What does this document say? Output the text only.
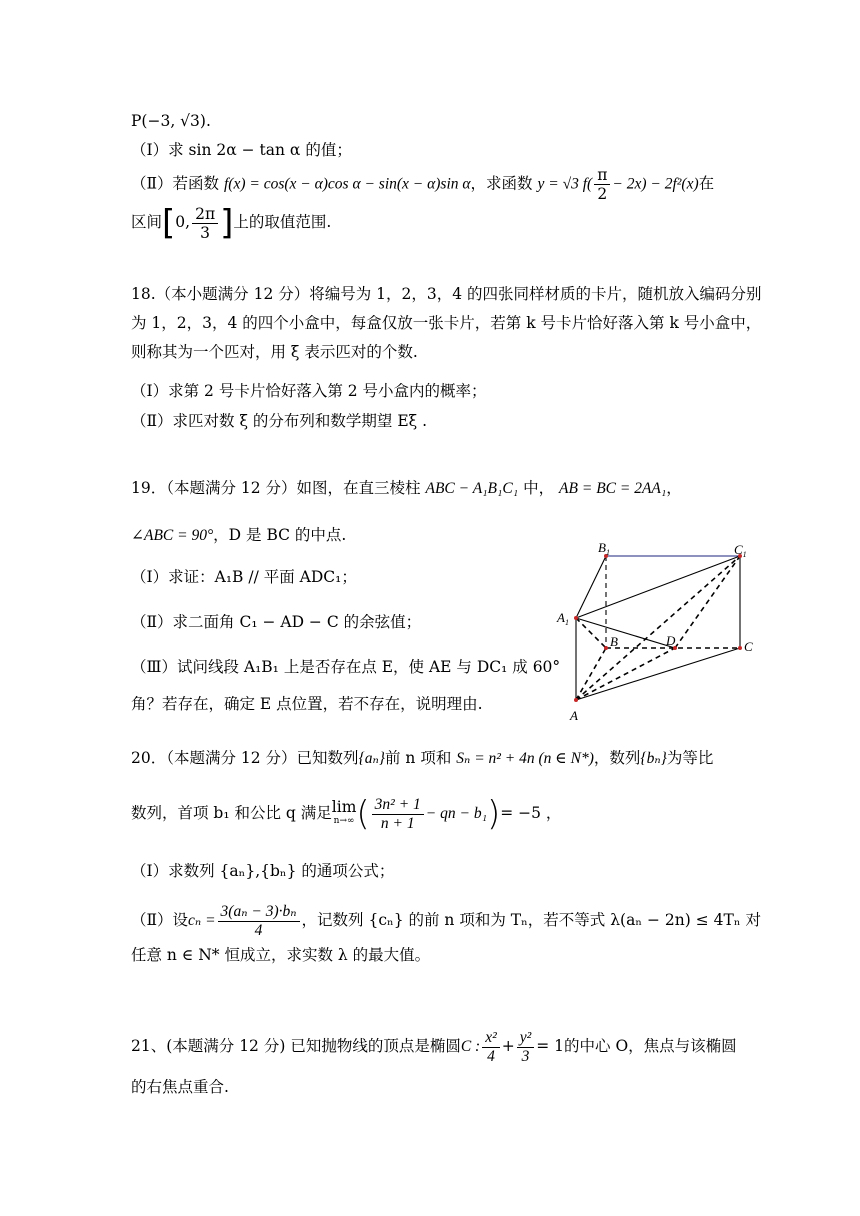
P(−3, √3).
（Ⅰ）求 sin 2α − tan α 的值；
（Ⅱ）若函数 f(x) = cos(x − α)cos α − sin(x − α)sin α，求函数 y = √3 $f( \frac{\pi}{2} - 2x) - 2f^2(x)$在
区间[0, $\frac{2\pi}{3}$ ]上的取值范围.
18.（本小题满分 12 分）将编号为 1，2，3，4 的四张同样材质的卡片，随机放入编码分别
为 1，2，3，4 的四个小盒中，每盒仅放一张卡片，若第 k 号卡片恰好落入第 k 号小盒中，
则称其为一个匹对，用 ξ 表示匹对的个数.
（Ⅰ）求第 2 号卡片恰好落入第 2 号小盒内的概率；
（Ⅱ）求匹对数 ξ 的分布列和数学期望 Eξ .
19．（本题满分 12 分）如图，在直三棱柱 ABC − A₁B₁C₁ 中， AB = BC = 2AA₁，
∠ABC = 90°，D 是 BC 的中点.
（Ⅰ）求证：A₁B // 平面 ADC₁；
（Ⅱ）求二面角 C₁ − AD − C 的余弦值；
（Ⅲ）试问线段 A₁B₁ 上是否存在点 E，使 AE 与 DC₁ 成 60°
角？若存在，确定 E 点位置，若不存在，说明理由.
$B_1$	$C_1$
$A_1$
B	D	C
A
20．（本题满分 12 分）已知数列{aₙ}前 n 项和 Sₙ = n² + 4n (n ∈ N*)，数列{bₙ}为等比
数列，首项 b₁ 和公比 q 满足lim
n→∞ ( $\frac{\text{3n² + 1}}{n + 1}$ − qn − b₁)= −5 ，
（Ⅰ）求数列 {aₙ},{bₙ} 的通项公式；
（Ⅱ）设$c_n = \frac{\text{3(aₙ − 3)·bₙ}}{4}$ ，记数列 {cₙ} 的前 n 项和为 Tₙ，若不等式 λ(aₙ − 2n) ≤ 4Tₙ 对
任意 n ∈ N* 恒成立，求实数 λ 的最大值。
21、(本题满分 12 分) 已知抛物线的顶点是椭圆C : $\frac{\text{x²}}{4} + \frac{\text{y²}}{3} = 1$的中心 O，焦点与该椭圆
的右焦点重合.
